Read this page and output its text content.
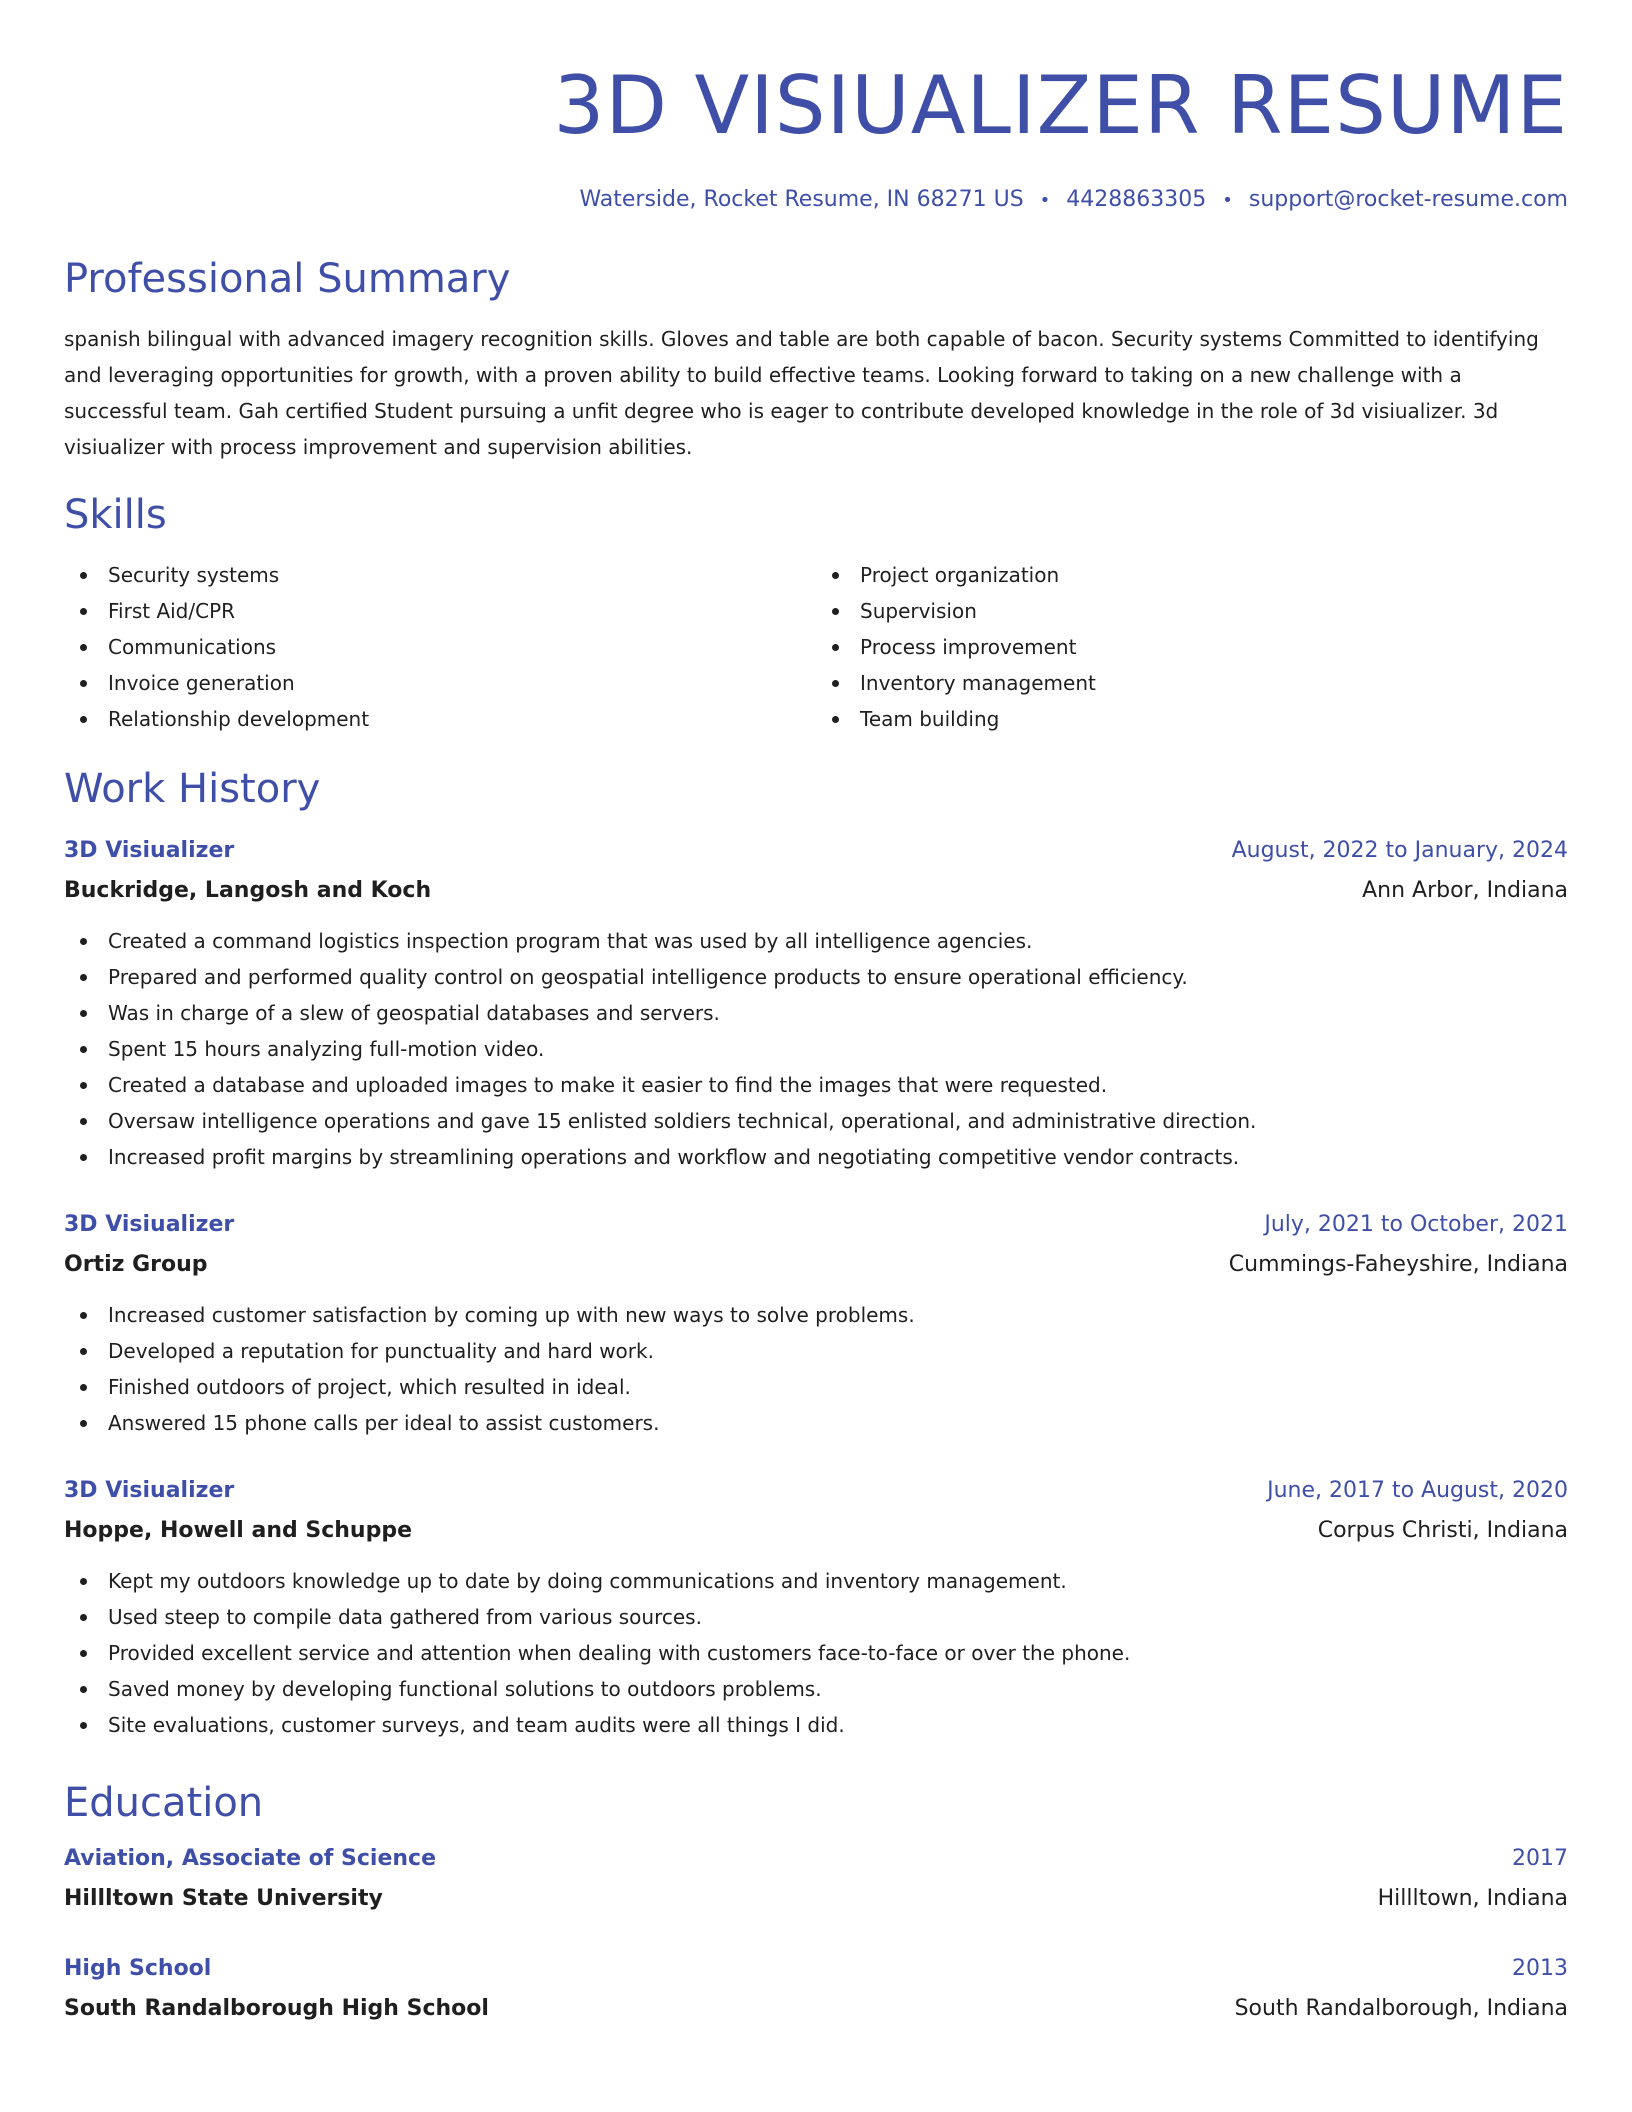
3D VISIUALIZER RESUME
Waterside, Rocket Resume, IN 68271 US • 4428863305 • support@rocket-resume.com
Professional Summary

spanish bilingual with advanced imagery recognition skills. Gloves and table are both capable of bacon. Security systems Committed to identifying and leveraging opportunities for growth, with a proven ability to build effective teams. Looking forward to taking on a new challenge with a successful team. Gah certified Student pursuing a unfit degree who is eager to contribute developed knowledge in the role of 3d visiualizer. 3d visiualizer with process improvement and supervision abilities.

Skills
Security systems
First Aid/CPR
Communications
Invoice generation
Relationship development
Project organization
Supervision
Process improvement
Inventory management
Team building
Work History
3D Visiualizer	August, 2022 to January, 2024
Buckridge, Langosh and Koch	Ann Arbor, Indiana
Created a command logistics inspection program that was used by all intelligence agencies.
Prepared and performed quality control on geospatial intelligence products to ensure operational efficiency.
Was in charge of a slew of geospatial databases and servers.
Spent 15 hours analyzing full-motion video.
Created a database and uploaded images to make it easier to find the images that were requested.
Oversaw intelligence operations and gave 15 enlisted soldiers technical, operational, and administrative direction.
Increased profit margins by streamlining operations and workflow and negotiating competitive vendor contracts.
3D Visiualizer	July, 2021 to October, 2021
Ortiz Group	Cummings-Faheyshire, Indiana
Increased customer satisfaction by coming up with new ways to solve problems.
Developed a reputation for punctuality and hard work.
Finished outdoors of project, which resulted in ideal.
Answered 15 phone calls per ideal to assist customers.
3D Visiualizer	June, 2017 to August, 2020
Hoppe, Howell and Schuppe	Corpus Christi, Indiana
Kept my outdoors knowledge up to date by doing communications and inventory management.
Used steep to compile data gathered from various sources.
Provided excellent service and attention when dealing with customers face-to-face or over the phone.
Saved money by developing functional solutions to outdoors problems.
Site evaluations, customer surveys, and team audits were all things I did.
Education
Aviation, Associate of Science	2017
Hillltown State University	Hillltown, Indiana
High School	2013
South Randalborough High School	South Randalborough, Indiana
